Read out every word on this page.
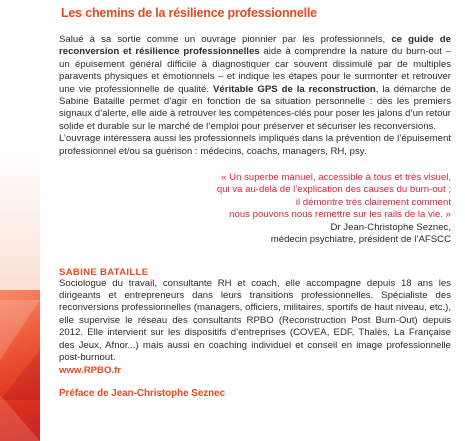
Les chemins de la résilience professionnelle

Salué à sa sortie comme un ouvrage pionnier par les professionnels, ce guide de reconversion et résilience professionnelles aide à comprendre la nature du burn-out – un épuisement général difficile à diagnostiquer car souvent dissimulé par de multiples paravents physiques et émotionnels – et indique les étapes pour le surmonter et retrouver une vie professionnelle de qualité. Véritable GPS de la reconstruction, la démarche de Sabine Bataille permet d’agir en fonction de sa situation personnelle : dès les premiers signaux d’alerte, elle aide à retrouver les compétences-clés pour poser les jalons d’un retour solide et durable sur le marché de l’emploi pour préserver et sécuriser les reconversions.

L’ouvrage intéressera aussi les professionnels impliqués dans la prévention de l’épuisement professionnel et/ou sa guérison : médecins, coachs, managers, RH, psy.

« Un superbe manuel, accessible à tous et très visuel,
qui va au-delà de l’explication des causes du burn-out ;
il démontre très clairement comment
nous pouvons nous remettre sur les rails de la vie. »
Dr Jean-Christophe Seznec,
médecin psychiatre, président de l’AFSCC
SABINE BATAILLE

Sociologue du travail, consultante RH et coach, elle accompagne depuis 18 ans les dirigeants et entrepreneurs dans leurs transitions professionnelles. Spécialiste des reconversions professionnelles (managers, officiers, militaires, sportifs de haut niveau, etc.), elle supervise le réseau des consultants RPBO (Reconstruction Post Burn-Out) depuis 2012. Elle intervient sur les dispositifs d’entreprises (COVEA, EDF, Thalès, La Française des Jeux, Afnor...) mais aussi en coaching individuel et conseil en image professionnelle post-burnout.

www.RPBO.fr
Préface de Jean-Christophe Seznec
